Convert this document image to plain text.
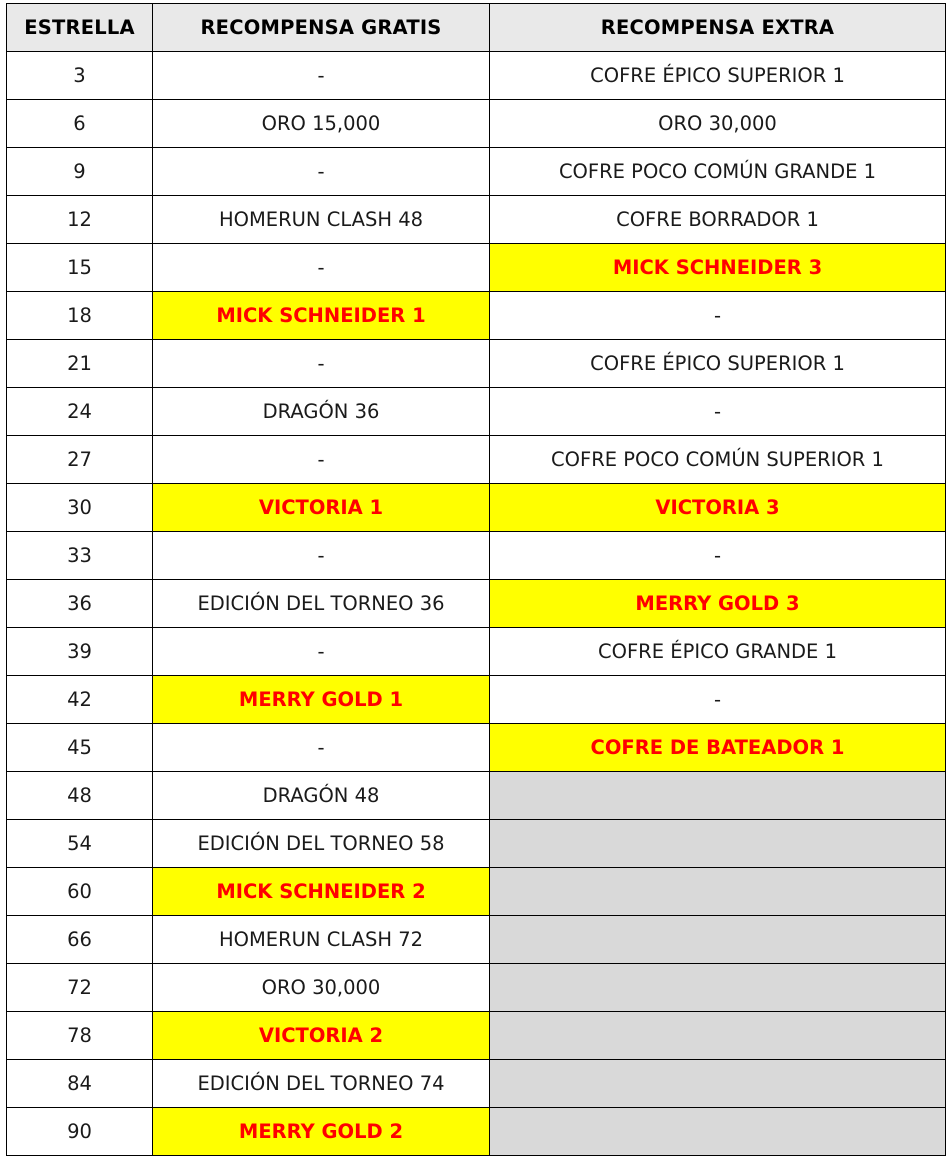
ESTRELLA	RECOMPENSA GRATIS	RECOMPENSA EXTRA
3	-	COFRE ÉPICO SUPERIOR 1
6	ORO 15,000	ORO 30,000
9	-	COFRE POCO COMÚN GRANDE 1
12	HOMERUN CLASH 48	COFRE BORRADOR 1
15	-	MICK SCHNEIDER 3
18	MICK SCHNEIDER 1	-
21	-	COFRE ÉPICO SUPERIOR 1
24	DRAGÓN 36	-
27	-	COFRE POCO COMÚN SUPERIOR 1
30	VICTORIA 1	VICTORIA 3
33	-	-
36	EDICIÓN DEL TORNEO 36	MERRY GOLD 3
39	-	COFRE ÉPICO GRANDE 1
42	MERRY GOLD 1	-
45	-	COFRE DE BATEADOR 1
48	DRAGÓN 48	
54	EDICIÓN DEL TORNEO 58	
60	MICK SCHNEIDER 2	
66	HOMERUN CLASH 72	
72	ORO 30,000	
78	VICTORIA 2	
84	EDICIÓN DEL TORNEO 74	
90	MERRY GOLD 2	
